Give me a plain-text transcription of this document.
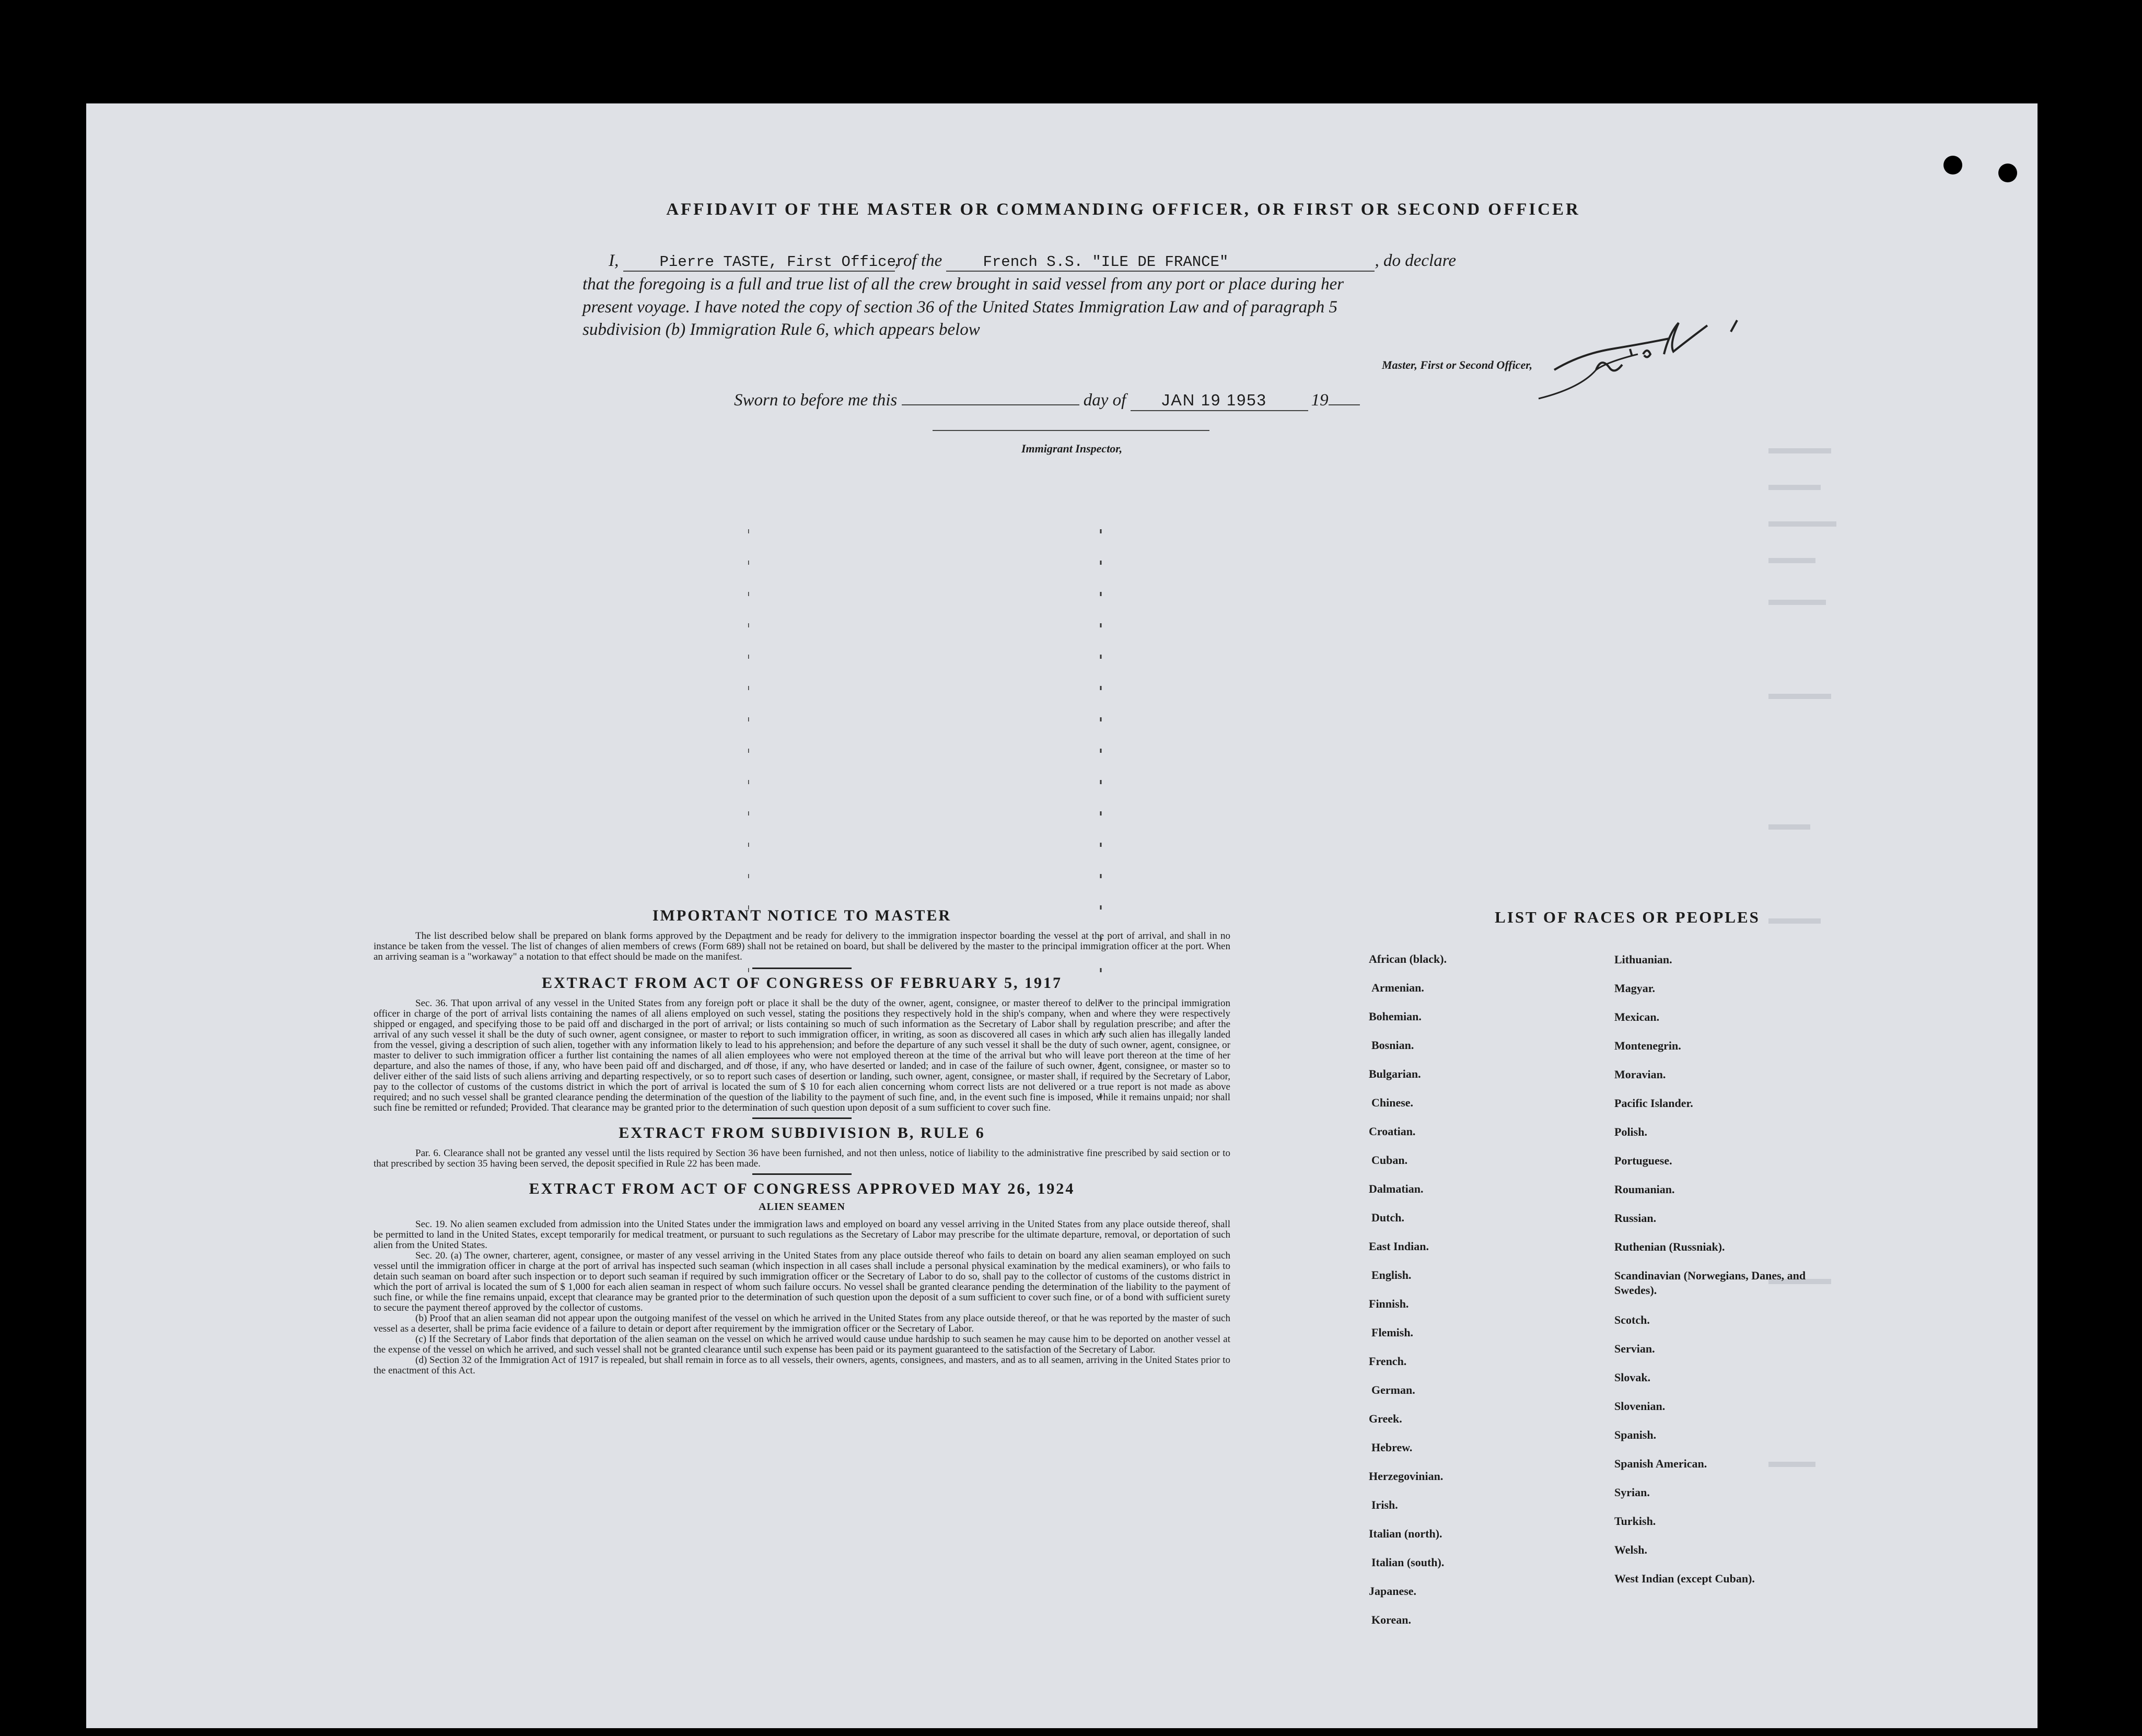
AFFIDAVIT OF THE MASTER OR COMMANDING OFFICER, OR FIRST OR SECOND OFFICER
I,	Pierre TASTE, First Officer, of the	French S.S. "ILE DE FRANCE"	, do declare
that the foregoing is a full and true list of all the crew brought in said vessel from any port or place during her
present voyage. I have noted the copy of section 36 of the United States Immigration Law and of paragraph 5
subdivision (b) Immigration Rule 6, which appears below
Master, First or Second Officer,
Sworn to before me this	day of JAN 19 1953	19
Immigrant Inspector,
IMPORTANT NOTICE TO MASTER

The list described below shall be prepared on blank forms approved by the Department and be ready for delivery to the immigration inspector boarding the vessel at the port of arrival, and shall in no instance be taken from the vessel. The list of changes of alien members of crews (Form 689) shall not be retained on board, but shall be delivered by the master to the principal immigration officer at the port. When an arriving seaman is a "workaway" a notation to that effect should be made on the manifest.

EXTRACT FROM ACT OF CONGRESS OF FEBRUARY 5, 1917

Sec. 36. That upon arrival of any vessel in the United States from any foreign port or place it shall be the duty of the owner, agent, consignee, or master thereof to deliver to the principal immigration officer in charge of the port of arrival lists containing the names of all aliens employed on such vessel, stating the positions they respectively hold in the ship's company, when and where they were respectively shipped or engaged, and specifying those to be paid off and discharged in the port of arrival; or lists containing so much of such information as the Secretary of Labor shall by regulation prescribe; and after the arrival of any such vessel it shall be the duty of such owner, agent consignee, or master to report to such immigration officer, in writing, as soon as discovered all cases in which any such alien has illegally landed from the vessel, giving a description of such alien, together with any information likely to lead to his apprehension; and before the departure of any such vessel it shall be the duty of such owner, agent, consignee, or master to deliver to such immigration officer a further list containing the names of all alien employees who were not employed thereon at the time of the arrival but who will leave port thereon at the time of her departure, and also the names of those, if any, who have been paid off and discharged, and of those, if any, who have deserted or landed; and in case of the failure of such owner, agent, consignee, or master so to deliver either of the said lists of such aliens arriving and departing respectively, or so to report such cases of desertion or landing, such owner, agent, consignee, or master shall, if required by the Secretary of Labor, pay to the collector of customs of the customs district in which the port of arrival is located the sum of $ 10 for each alien concerning whom correct lists are not delivered or a true report is not made as above required; and no such vessel shall be granted clearance pending the determination of the question of the liability to the payment of such fine, and, in the event such fine is imposed, while it remains unpaid; nor shall such fine be remitted or refunded; Provided. That clearance may be granted prior to the determination of such question upon deposit of a sum sufficient to cover such fine.

EXTRACT FROM SUBDIVISION B, RULE 6

Par. 6. Clearance shall not be granted any vessel until the lists required by Section 36 have been furnished, and not then unless, notice of liability to the administrative fine prescribed by said section or to that prescribed by section 35 having been served, the deposit specified in Rule 22 has been made.

EXTRACT FROM ACT OF CONGRESS APPROVED MAY 26, 1924
ALIEN SEAMEN

Sec. 19. No alien seamen excluded from admission into the United States under the immigration laws and employed on board any vessel arriving in the United States from any place outside thereof, shall be permitted to land in the United States, except temporarily for medical treatment, or pursuant to such regulations as the Secretary of Labor may prescribe for the ultimate departure, removal, or deportation of such alien from the United States.

Sec. 20. (a) The owner, charterer, agent, consignee, or master of any vessel arriving in the United States from any place outside thereof who fails to detain on board any alien seaman employed on such vessel until the immigration officer in charge at the port of arrival has inspected such seaman (which inspection in all cases shall include a personal physical examination by the medical examiners), or who fails to detain such seaman on board after such inspection or to deport such seaman if required by such immigration officer or the Secretary of Labor to do so, shall pay to the collector of customs of the customs district in which the port of arrival is located the sum of $ 1,000 for each alien seaman in respect of whom such failure occurs. No vessel shall be granted clearance pending the determination of the liability to the payment of such fine, or while the fine remains unpaid, except that clearance may be granted prior to the determination of such question upon the deposit of a sum sufficient to cover such fine, or of a bond with sufficient surety to secure the payment thereof approved by the collector of customs.

(b) Proof that an alien seaman did not appear upon the outgoing manifest of the vessel on which he arrived in the United States from any place outside thereof, or that he was reported by the master of such vessel as a deserter, shall be prima facie evidence of a failure to detain or deport after requirement by the immigration officer or the Secretary of Labor.

(c) If the Secretary of Labor finds that deportation of the alien seaman on the vessel on which he arrived would cause undue hardship to such seamen he may cause him to be deported on another vessel at the expense of the vessel on which he arrived, and such vessel shall not be granted clearance until such expense has been paid or its payment guaranteed to the satisfaction of the Secretary of Labor.

(d) Section 32 of the Immigration Act of 1917 is repealed, but shall remain in force as to all vessels, their owners, agents, consignees, and masters, and as to all seamen, arriving in the United States prior to the enactment of this Act.

LIST OF RACES OR PEOPLES
African (black).
Armenian.
Bohemian.
Bosnian.
Bulgarian.
Chinese.
Croatian.
Cuban.
Dalmatian.
Dutch.
East Indian.
English.
Finnish.
Flemish.
French.
German.
Greek.
Hebrew.
Herzegovinian.
Irish.
Italian (north).
Italian (south).
Japanese.
Korean.
Lithuanian.
Magyar.
Mexican.
Montenegrin.
Moravian.
Pacific Islander.
Polish.
Portuguese.
Roumanian.
Russian.
Ruthenian (Russniak).
Scandinavian (Norwegians, Danes, and Swedes).
Scotch.
Servian.
Slovak.
Slovenian.
Spanish.
Spanish American.
Syrian.
Turkish.
Welsh.
West Indian (except Cuban).
